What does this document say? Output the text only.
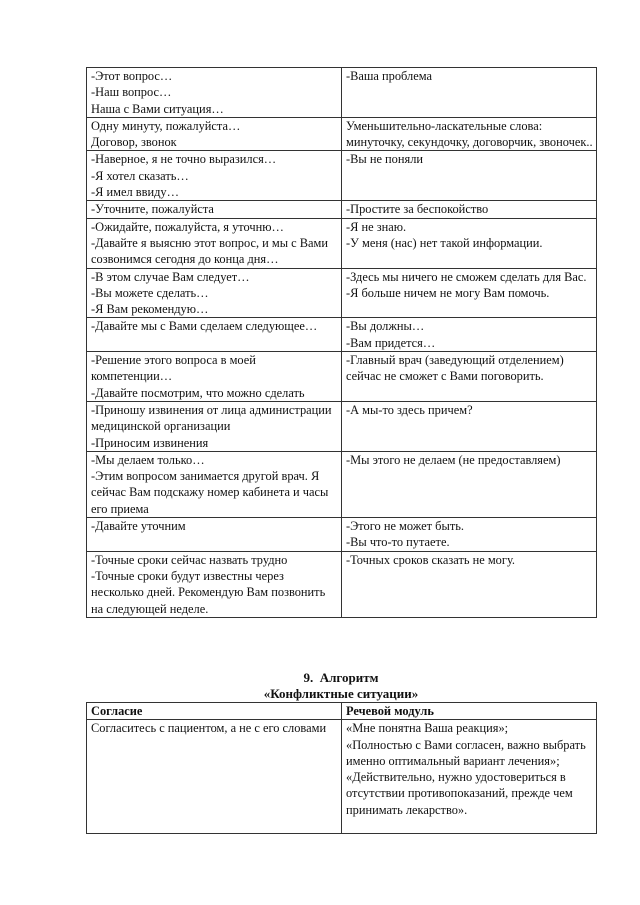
-Этот вопрос…
-Наш вопрос…
Наша с Вами ситуация…	-Ваша проблема

Одну минуту, пожалуйста…
Договор, звонок	Уменьшительно-ласкательные слова: минуточку, секундочку, договорчик, звоночек..

-Наверное, я не точно выразился…
-Я хотел сказать…
-Я имел ввиду…	-Вы не поняли

-Уточните, пожалуйста	-Простите за беспокойство

-Ожидайте, пожалуйста, я уточню…
-Давайте я выясню этот вопрос, и мы с Вами созвонимся сегодня до конца дня…	-Я не знаю.
-У меня (нас) нет такой информации.

-В этом случае Вам следует…
-Вы можете сделать…
-Я Вам рекомендую…	-Здесь мы ничего не сможем сделать для Вас.
-Я больше ничем не могу Вам помочь.

-Давайте мы с Вами сделаем следующее…	-Вы должны…
-Вам придется…

-Решение этого вопроса в моей компетенции…
-Давайте посмотрим, что можно сделать	-Главный врач (заведующий отделением) сейчас не сможет с Вами поговорить.

-Приношу извинения от лица администрации медицинской организации
-Приносим извинения	-А мы-то здесь причем?

-Мы делаем только…
-Этим вопросом занимается другой врач. Я сейчас Вам подскажу номер кабинета и часы его приема	-Мы этого не делаем (не предоставляем)

-Давайте уточним	-Этого не может быть.
-Вы что-то путаете.

-Точные сроки сейчас назвать трудно
-Точные сроки будут известны через несколько дней. Рекомендую Вам позвонить на следующей неделе.	-Точных сроков сказать не могу.
9. Алгоритм
«Конфликтные ситуации»
Согласие	Речевой модуль

Согласитесь с пациентом, а не с его словами	«Мне понятна Ваша реакция»;
«Полностью с Вами согласен, важно выбрать именно оптимальный вариант лечения»;
«Действительно, нужно удостовериться в отсутствии противопоказаний, прежде чем принимать лекарство».
